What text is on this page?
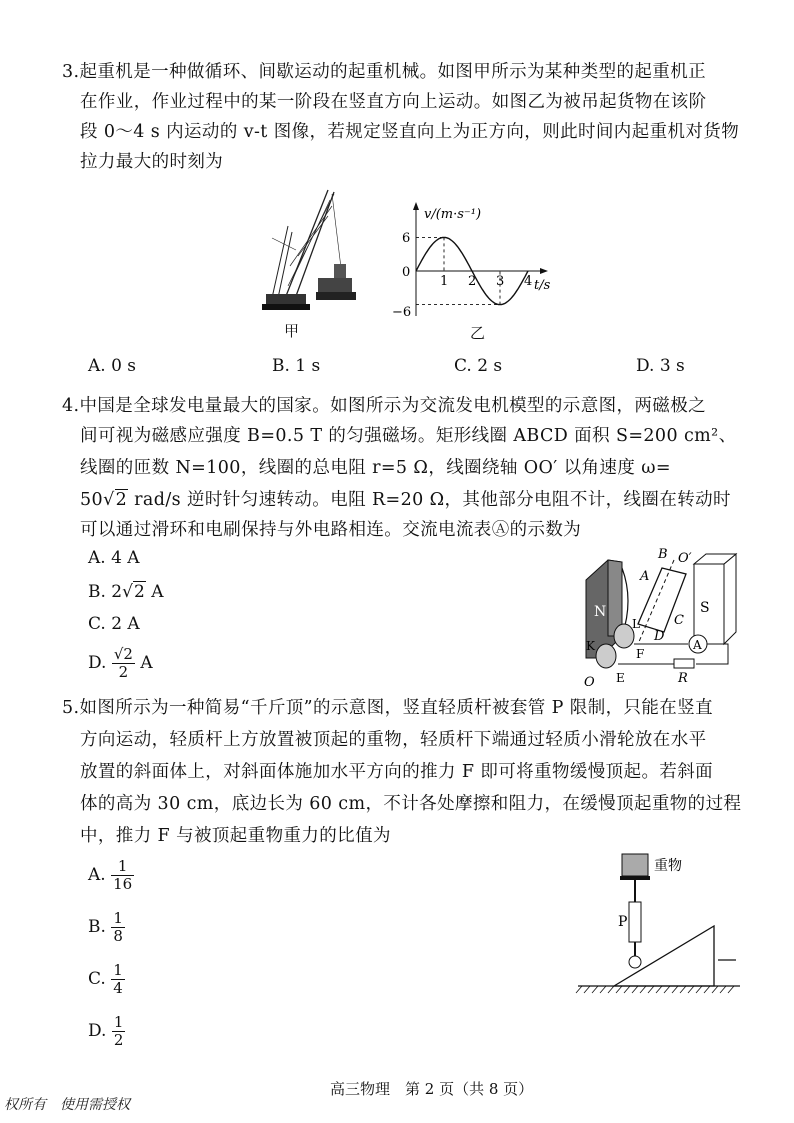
3.起重机是一种做循环、间歇运动的起重机械。如图甲所示为某种类型的起重机正
在作业，作业过程中的某一阶段在竖直方向上运动。如图乙为被吊起货物在该阶
段 0～4 s 内运动的 v-t 图像，若规定竖直向上为正方向，则此时间内起重机对货物
拉力最大的时刻为
甲
v/(m·s⁻¹)
t/s
6
0
−6
1 2 3 4
乙
A. 0 s	B. 1 s	C. 2 s	D. 3 s
4.中国是全球发电量最大的国家。如图所示为交流发电机模型的示意图，两磁极之
间可视为磁感应强度 B=0.5 T 的匀强磁场。矩形线圈 ABCD 面积 S=200 cm²、
线圈的匝数 N=100，线圈的总电阻 r=5 Ω，线圈绕轴 OO′ 以角速度 ω=
50√2 rad/s 逆时针匀速转动。电阻 R=20 Ω，其他部分电阻不计，线圈在转动时
可以通过滑环和电刷保持与外电路相连。交流电流表Ⓐ的示数为
A. 4 A
B. 2√2 A
C. 2 A
D. $\frac{√2}{2}$ A
N	S
B O′
A
C
D
L
K
F
E
O
A
R
5.如图所示为一种简易“千斤顶”的示意图，竖直轻质杆被套管 P 限制，只能在竖直
方向运动，轻质杆上方放置被顶起的重物，轻质杆下端通过轻质小滑轮放在水平
放置的斜面体上，对斜面体施加水平方向的推力 F 即可将重物缓慢顶起。若斜面
体的高为 30 cm，底边长为 60 cm，不计各处摩擦和阻力，在缓慢顶起重物的过程
中，推力 F 与被顶起重物重力的比值为
A. $\frac{1}{16}$
B. $\frac{1}{8}$
C. $\frac{1}{4}$
D. $\frac{1}{2}$
重物
P
高三物理　第 2 页（共 8 页）
权所有　使用需授权
